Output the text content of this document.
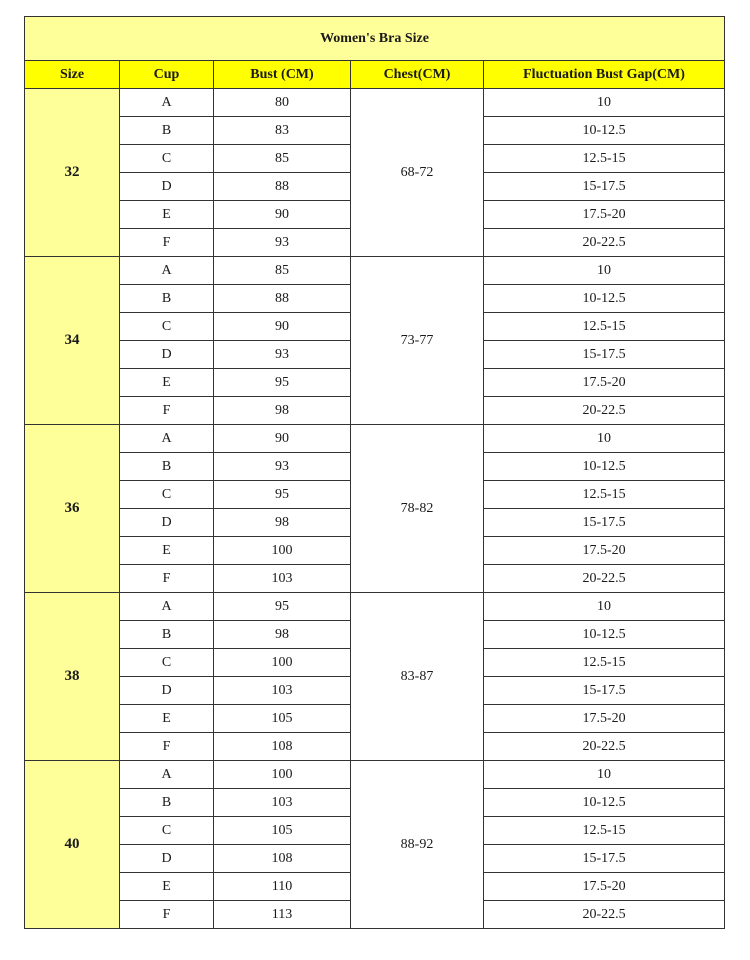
Women's Bra Size				
Size	Cup	Bust (CM)	Chest(CM)	Fluctuation Bust Gap(CM)
32	A	80	68-72	10
	B	83		10-12.5
	C	85		12.5-15
	D	88		15-17.5
	E	90		17.5-20
	F	93		20-22.5
34	A	85	73-77	10
	B	88		10-12.5
	C	90		12.5-15
	D	93		15-17.5
	E	95		17.5-20
	F	98		20-22.5
36	A	90	78-82	10
	B	93		10-12.5
	C	95		12.5-15
	D	98		15-17.5
	E	100		17.5-20
	F	103		20-22.5
38	A	95	83-87	10
	B	98		10-12.5
	C	100		12.5-15
	D	103		15-17.5
	E	105		17.5-20
	F	108		20-22.5
40	A	100	88-92	10
	B	103		10-12.5
	C	105		12.5-15
	D	108		15-17.5
	E	110		17.5-20
	F	113		20-22.5
